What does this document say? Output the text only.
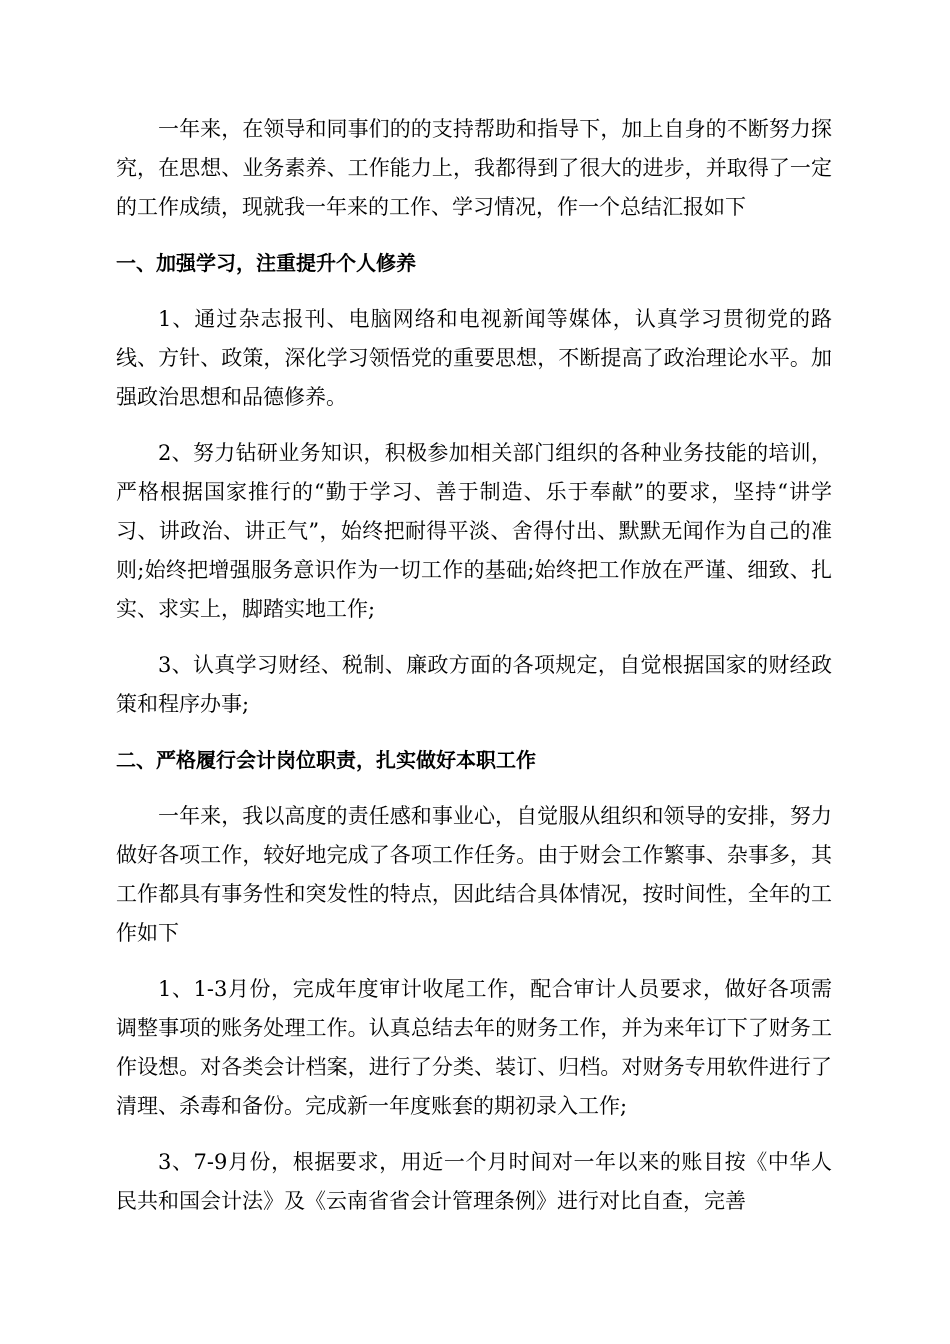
一年来，在领导和同事们的的支持帮助和指导下，加上自身的不断努力探究，在思想、业务素养、工作能力上，我都得到了很大的进步，并取得了一定的工作成绩，现就我一年来的工作、学习情况，作一个总结汇报如下

一、加强学习，注重提升个人修养

1、通过杂志报刊、电脑网络和电视新闻等媒体，认真学习贯彻党的路线、方针、政策，深化学习领悟党的重要思想，不断提高了政治理论水平。加强政治思想和品德修养。

2、努力钻研业务知识，积极参加相关部门组织的各种业务技能的培训，严格根据国家推行的“勤于学习、善于制造、乐于奉献”的要求，坚持“讲学习、讲政治、讲正气”，始终把耐得平淡、舍得付出、默默无闻作为自己的准则;始终把增强服务意识作为一切工作的基础;始终把工作放在严谨、细致、扎实、求实上，脚踏实地工作;

3、认真学习财经、税制、廉政方面的各项规定，自觉根据国家的财经政策和程序办事;

二、严格履行会计岗位职责，扎实做好本职工作

一年来，我以高度的责任感和事业心，自觉服从组织和领导的安排，努力做好各项工作，较好地完成了各项工作任务。由于财会工作繁事、杂事多，其工作都具有事务性和突发性的特点，因此结合具体情况，按时间性，全年的工作如下

1、1-3月份，完成年度审计收尾工作，配合审计人员要求，做好各项需调整事项的账务处理工作。认真总结去年的财务工作，并为来年订下了财务工作设想。对各类会计档案，进行了分类、装订、归档。对财务专用软件进行了清理、杀毒和备份。完成新一年度账套的期初录入工作;

3、7-9月份，根据要求，用近一个月时间对一年以来的账目按《中华人民共和国会计法》及《云南省省会计管理条例》进行对比自查，完善
